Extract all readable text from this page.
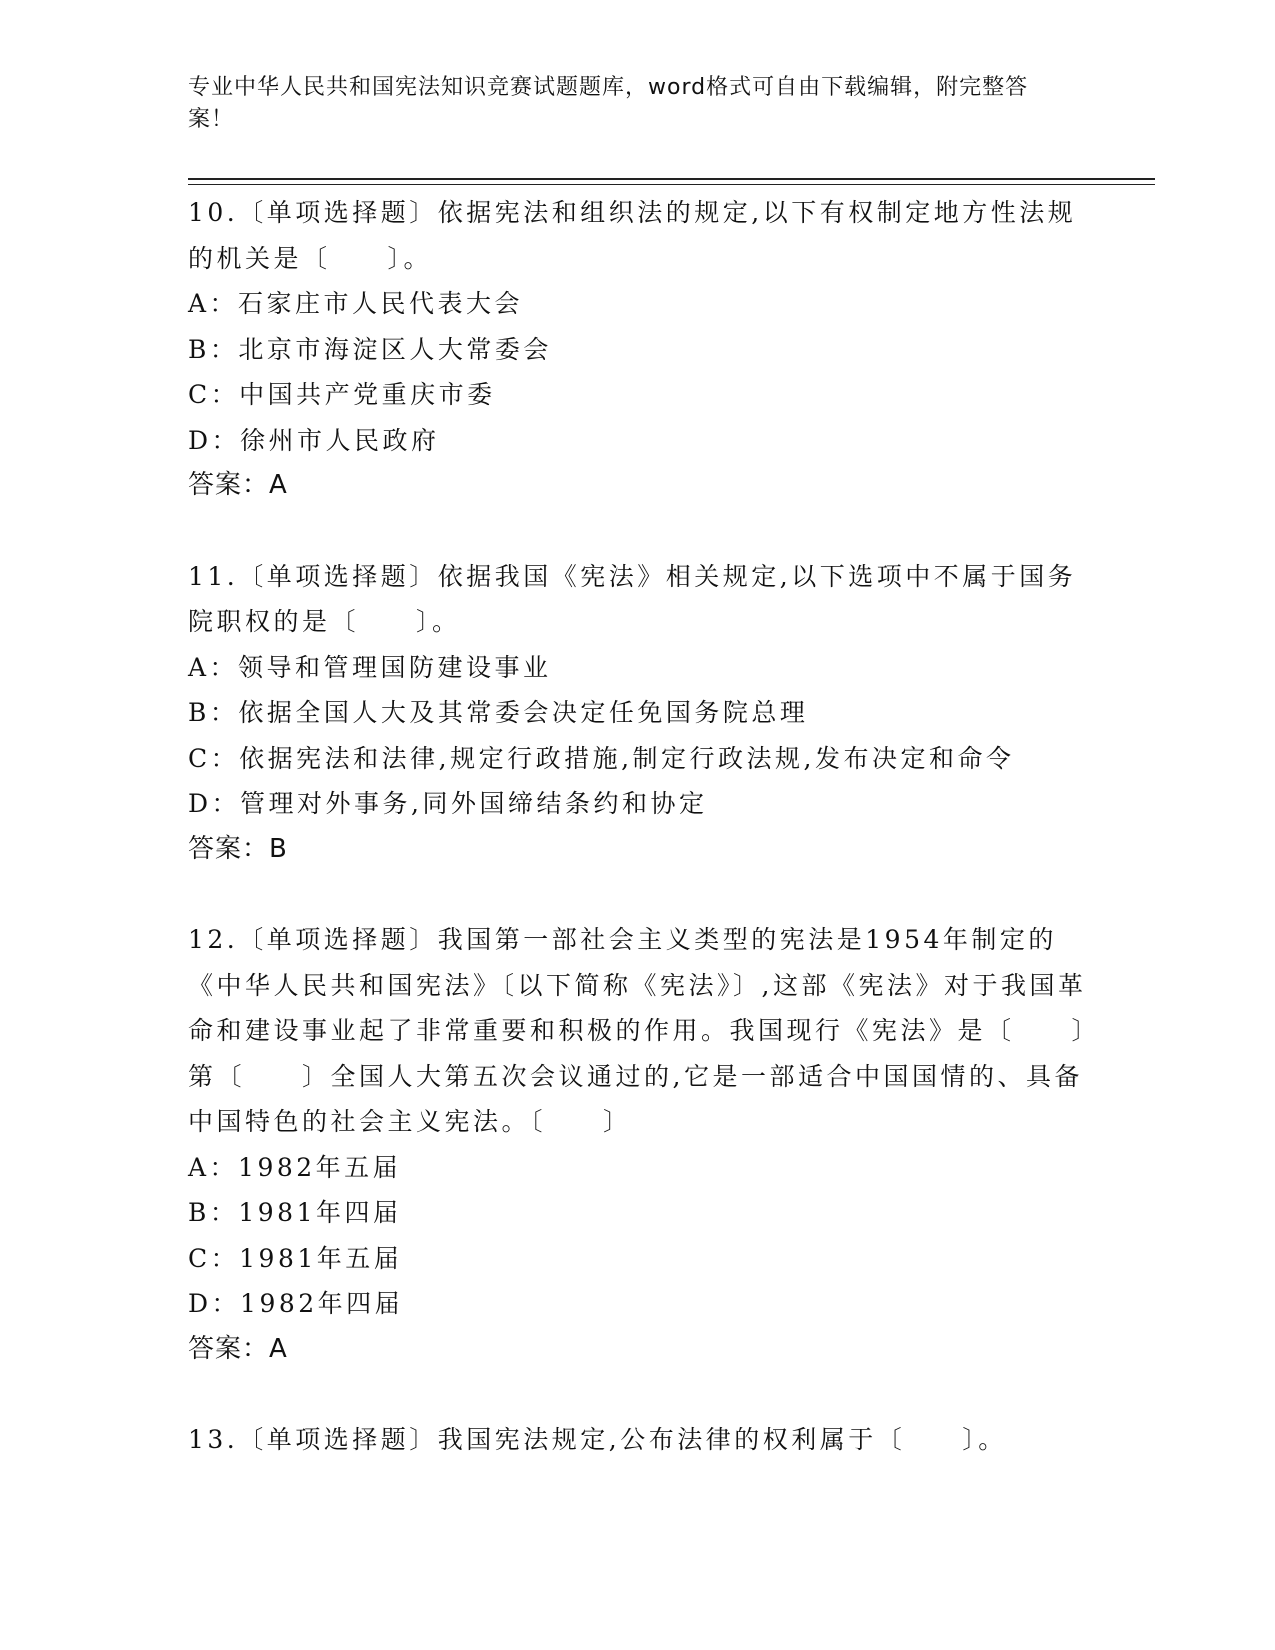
专业中华人民共和国宪法知识竞赛试题题库，word格式可自由下载编辑，附完整答案！

10.〔单项选择题〕依据宪法和组织法的规定,以下有权制定地方性法规的机关是〔　　〕。

A：石家庄市人民代表大会

B：北京市海淀区人大常委会

C：中国共产党重庆市委

D：徐州市人民政府

答案：A

11.〔单项选择题〕依据我国《宪法》相关规定,以下选项中不属于国务院职权的是〔　　〕。

A：领导和管理国防建设事业

B：依据全国人大及其常委会决定任免国务院总理

C：依据宪法和法律,规定行政措施,制定行政法规,发布决定和命令

D：管理对外事务,同外国缔结条约和协定

答案：B

12.〔单项选择题〕我国第一部社会主义类型的宪法是1954年制定的《中华人民共和国宪法》〔以下简称《宪法》〕,这部《宪法》对于我国革命和建设事业起了非常重要和积极的作用。我国现行《宪法》是〔　　〕第〔　　〕全国人大第五次会议通过的,它是一部适合中国国情的、具备中国特色的社会主义宪法。〔　　〕

A：1982年五届

B：1981年四届

C：1981年五届

D：1982年四届

答案：A

13.〔单项选择题〕我国宪法规定,公布法律的权利属于〔　　〕。
